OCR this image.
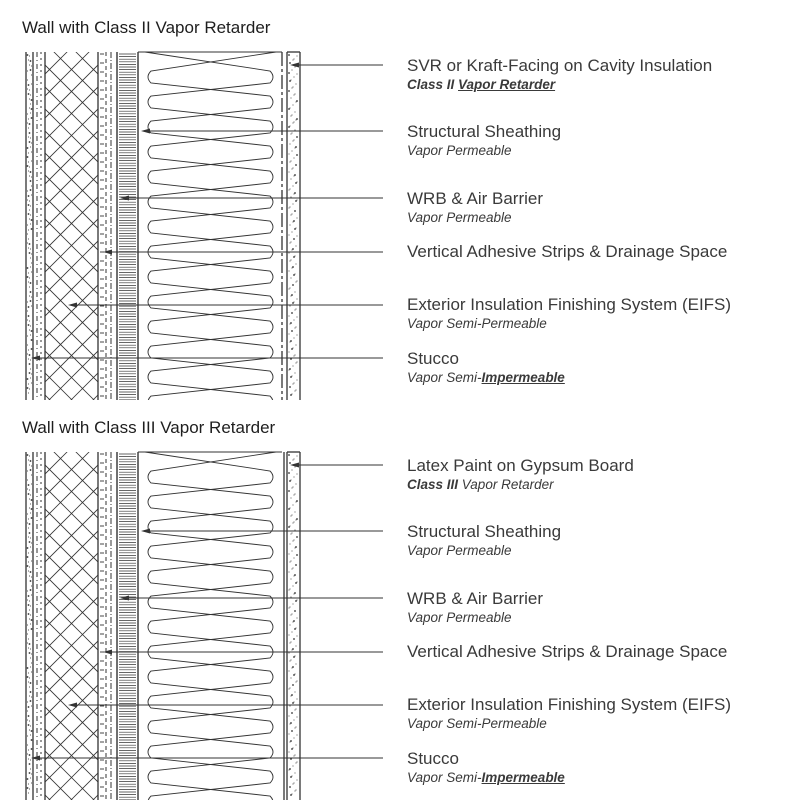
Wall with Class II Vapor Retarder
SVR or Kraft-Facing on Cavity Insulation
Class II Vapor Retarder
Structural Sheathing
Vapor Permeable
WRB & Air Barrier
Vapor Permeable
Vertical Adhesive Strips & Drainage Space
Exterior Insulation Finishing System (EIFS)
Vapor Semi-Permeable
Stucco
Vapor Semi-Impermeable
Wall with Class III Vapor Retarder
Latex Paint on Gypsum Board
Class III Vapor Retarder
Structural Sheathing
Vapor Permeable
WRB & Air Barrier
Vapor Permeable
Vertical Adhesive Strips & Drainage Space
Exterior Insulation Finishing System (EIFS)
Vapor Semi-Permeable
Stucco
Vapor Semi-Impermeable
